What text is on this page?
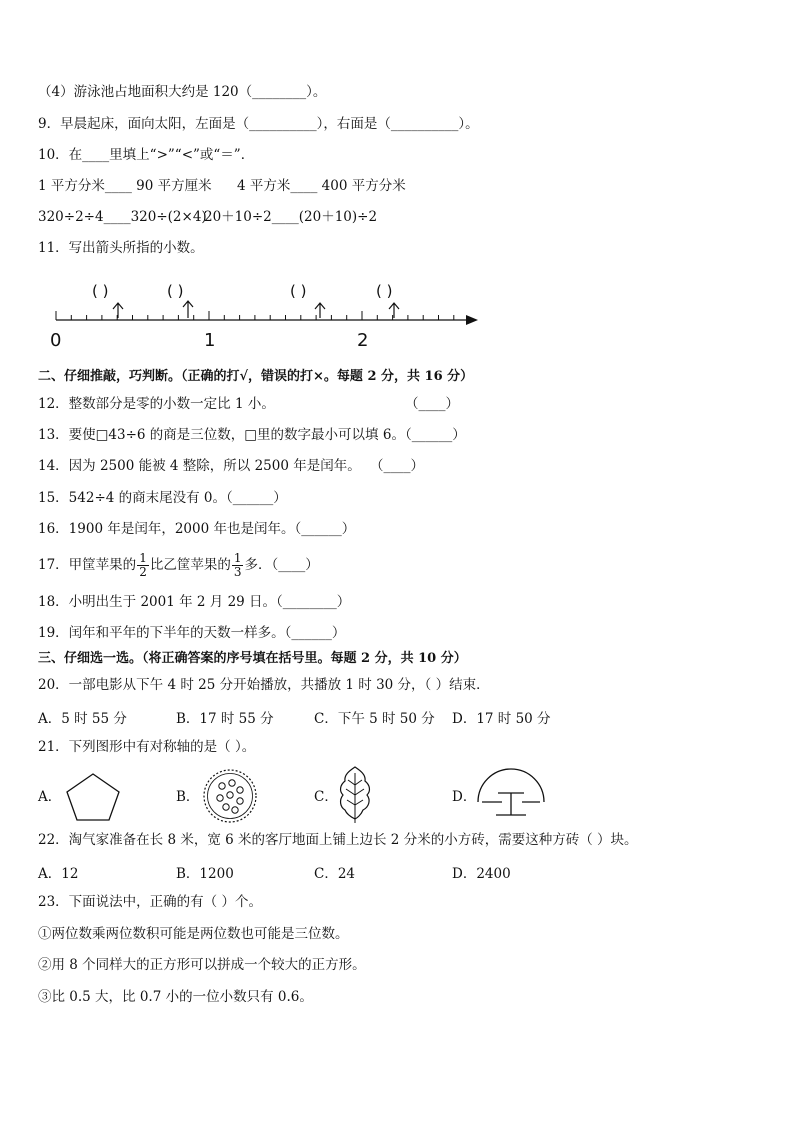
（4）游泳池占地面积大约是 120（________）。
9．早晨起床，面向太阳，左面是（__________），右面是（__________）。
10．在____里填上“>”“<”或“＝”．
1 平方分米____ 90 平方厘米 4 平方米____ 400 平方分米
320÷2÷4____320÷(2×4)
20＋10÷2____(20＋10)÷2
11．写出箭头所指的小数。
( )	( )	( )	( )
0	1	2
二、仔细推敲，巧判断。（正确的打√，错误的打×。每题 2 分，共 16 分）
12．整数部分是零的小数一定比 1 小。	（____）
13．要使□43÷6 的商是三位数，□里的数字最小可以填 6。（______）
14．因为 2500 能被 4 整除，所以 2500 年是闰年。 （____）
15．542÷4 的商末尾没有 0。（______）
16．1900 年是闰年，2000 年也是闰年。（______）
17．甲筐苹果的 $\frac{1}{2}$ 比乙筐苹果的 $\frac{1}{3}$ 多．（____）
18．小明出生于 2001 年 2 月 29 日。（________）
19．闰年和平年的下半年的天数一样多。（______）
三、仔细选一选。（将正确答案的序号填在括号里。每题 2 分，共 10 分）
20．一部电影从下午 4 时 25 分开始播放，共播放 1 时 30 分，（ ）结束．
A．5 时 55 分	B．17 时 55 分	C．下午 5 时 50 分 D．17 时 50 分
21．下列图形中有对称轴的是（ ）。
A．	B．	C．	D．
22．淘气家准备在长 8 米，宽 6 米的客厅地面上铺上边长 2 分米的小方砖，需要这种方砖（ ）块。
A．12	B．1200	C．24	D．2400
23．下面说法中，正确的有（ ）个。
①两位数乘两位数积可能是两位数也可能是三位数。
②用 8 个同样大的正方形可以拼成一个较大的正方形。
③比 0.5 大，比 0.7 小的一位小数只有 0.6。
